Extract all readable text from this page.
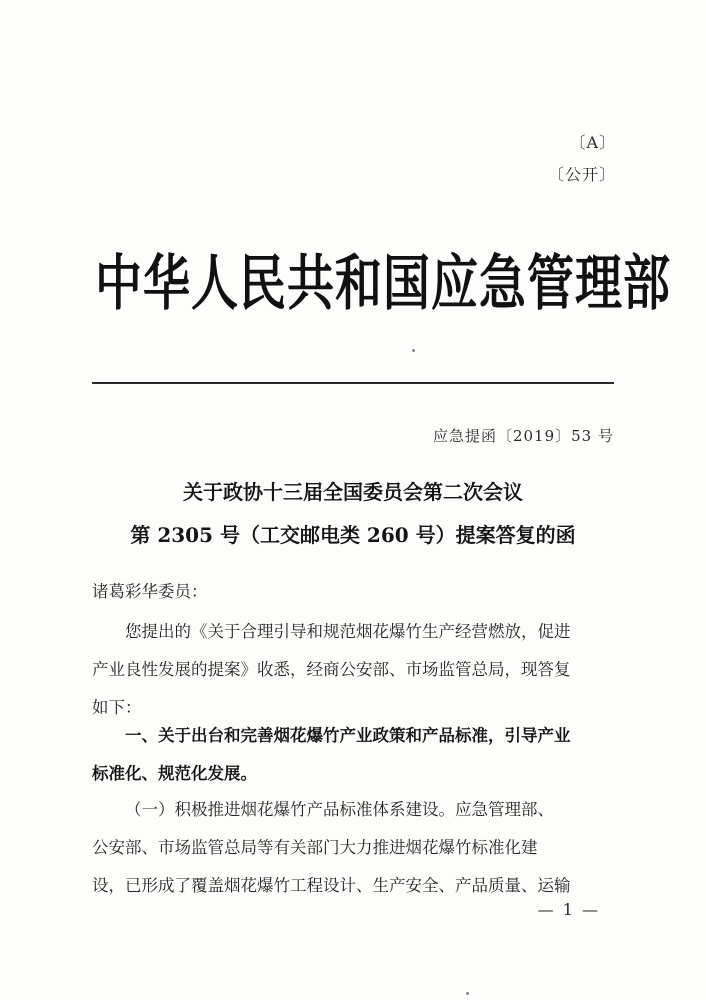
〔A〕
〔公开〕
中华人民共和国应急管理部
应急提函〔2019〕53 号
关于政协十三届全国委员会第二次会议
第 2305 号（工交邮电类 260 号）提案答复的函
诸葛彩华委员：
您提出的《关于合理引导和规范烟花爆竹生产经营燃放，促进
产业良性发展的提案》收悉，经商公安部、市场监管总局，现答复
如下：
一、关于出台和完善烟花爆竹产业政策和产品标准，引导产业
标准化、规范化发展。
（一）积极推进烟花爆竹产品标准体系建设。应急管理部、
公安部、市场监管总局等有关部门大力推进烟花爆竹标准化建
设，已形成了覆盖烟花爆竹工程设计、生产安全、产品质量、运输
— 1 —
